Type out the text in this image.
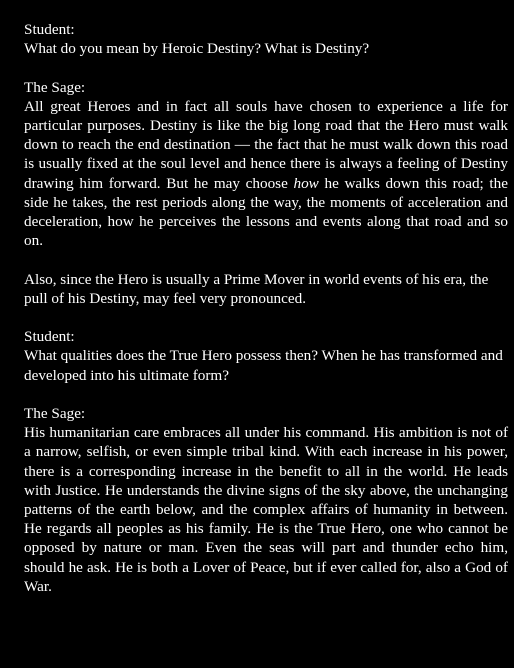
Student:

What do you mean by Heroic Destiny? What is Destiny?

The Sage:

All great Heroes and in fact all souls have chosen to experience a life for particular purposes. Destiny is like the big long road that the Hero must walk down to reach the end destination — the fact that he must walk down this road is usually fixed at the soul level and hence there is always a feeling of Destiny drawing him forward. But he may choose how he walks down this road; the side he takes, the rest periods along the way, the moments of acceleration and deceleration, how he perceives the lessons and events along that road and so on.

Also, since the Hero is usually a Prime Mover in world events of his era, the pull of his Destiny, may feel very pronounced.

Student:

What qualities does the True Hero possess then? When he has transformed and developed into his ultimate form?

The Sage:

His humanitarian care embraces all under his command. His ambition is not of a narrow, selfish, or even simple tribal kind. With each increase in his power, there is a corresponding increase in the benefit to all in the world. He leads with Justice. He understands the divine signs of the sky above, the unchanging patterns of the earth below, and the complex affairs of humanity in between. He regards all peoples as his family. He is the True Hero, one who cannot be opposed by nature or man. Even the seas will part and thunder echo him, should he ask. He is both a Lover of Peace, but if ever called for, also a God of War.
